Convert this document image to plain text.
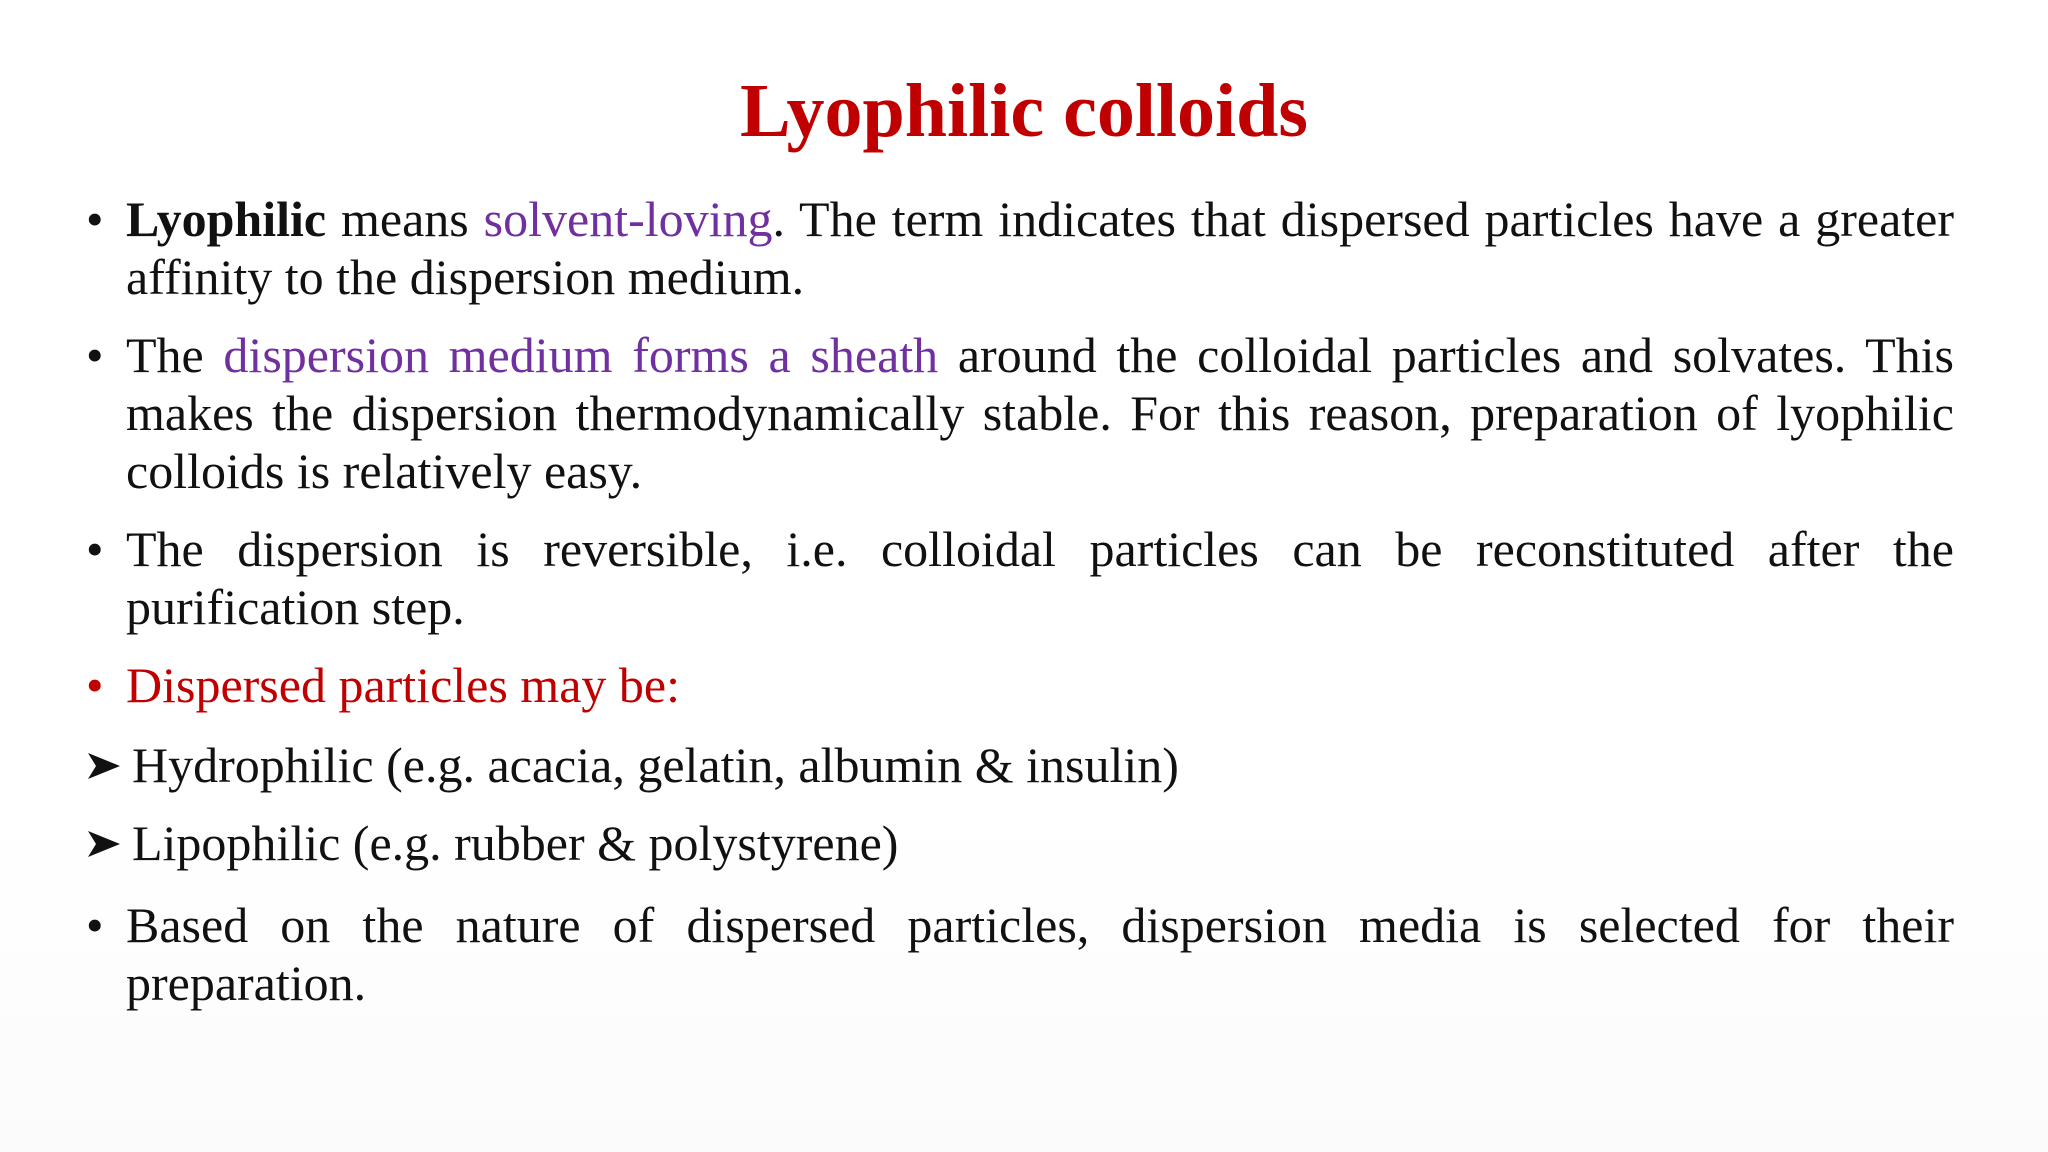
Lyophilic colloids
• Lyophilic means solvent-loving. The term indicates that dispersed particles have a greater affinity to the dispersion medium.
• The dispersion medium forms a sheath around the colloidal particles and solvates. This makes the dispersion thermodynamically stable. For this reason, preparation of lyophilic colloids is relatively easy.
• The dispersion is reversible, i.e. colloidal particles can be reconstituted after the purification step.
• Dispersed particles may be:
Hydrophilic (e.g. acacia, gelatin, albumin & insulin)
Lipophilic (e.g. rubber & polystyrene)
• Based on the nature of dispersed particles, dispersion media is selected for their preparation.
